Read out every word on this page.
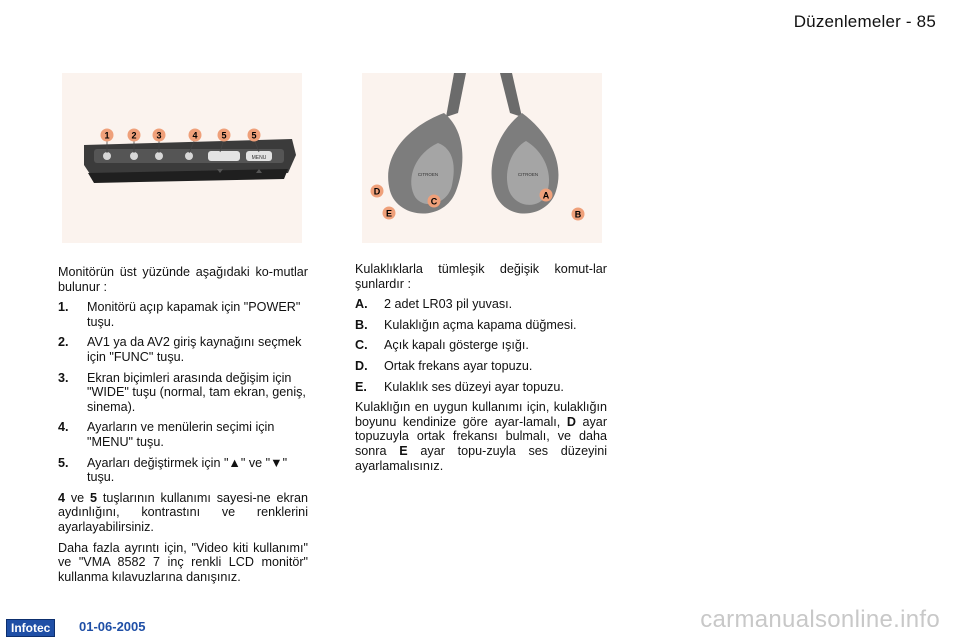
Düzenlemeler - 85
MENU
1 2 3	4	5	5
CITROEN	CITROEN
D
E
C
A
B

Monitörün üst yüzünde aşağıdaki ko-mutlar bulunur :

1.	Monitörü açıp kapamak için "POWER" tuşu.
2.	AV1 ya da AV2 giriş kaynağını seçmek için "FUNC" tuşu.
3.	Ekran biçimleri arasında değişim için "WIDE" tuşu (normal, tam ekran, geniş, sinema).
4.	Ayarların ve menülerin seçimi için "MENU" tuşu.
5.	Ayarları değiştirmek için "▲" ve "▼" tuşu.

4 ve 5 tuşlarının kullanımı sayesi-ne ekran aydınlığını, kontrastını ve renklerini ayarlayabilirsiniz.

Daha fazla ayrıntı için, "Video kiti kullanımı" ve "VMA 8582 7 inç renkli LCD monitör" kullanma kılavuzlarına danışınız.

Kulaklıklarla tümleşik değişik komut-lar şunlardır :

A.	2 adet LR03 pil yuvası.
B.	Kulaklığın açma kapama düğmesi.
C.	Açık kapalı gösterge ışığı.
D.	Ortak frekans ayar topuzu.
E.	Kulaklık ses düzeyi ayar topuzu.

Kulaklığın en uygun kullanımı için, kulaklığın boyunu kendinize göre ayar-lamalı, D ayar topuzuyla ortak frekansı bulmalı, ve daha sonra E ayar topu-zuyla ses düzeyini ayarlamalısınız.

Infotec	01-06-2005	carmanualsonline.info
